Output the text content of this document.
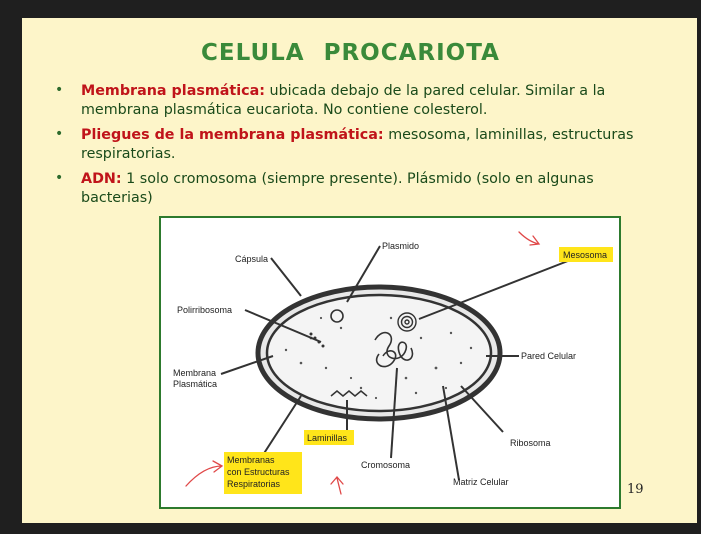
CELULA PROCARIOTA
• Membrana plasmática: ubicada debajo de la pared celular. Similar a la membrana plasmática eucariota. No contiene colesterol.
• Pliegues de la membrana plasmática: mesosoma, laminillas, estructuras respiratorias.
• ADN: 1 solo cromosoma (siempre presente). Plásmido (solo en algunas bacterias)
Plasmido
Cápsula	Mesosoma
Polirribosoma
Membrana
Plasmática
Pared Celular
Laminillas	Ribosoma
Membranas
con Estructuras
Respiratorias
Cromosoma
Matriz Celular	19
